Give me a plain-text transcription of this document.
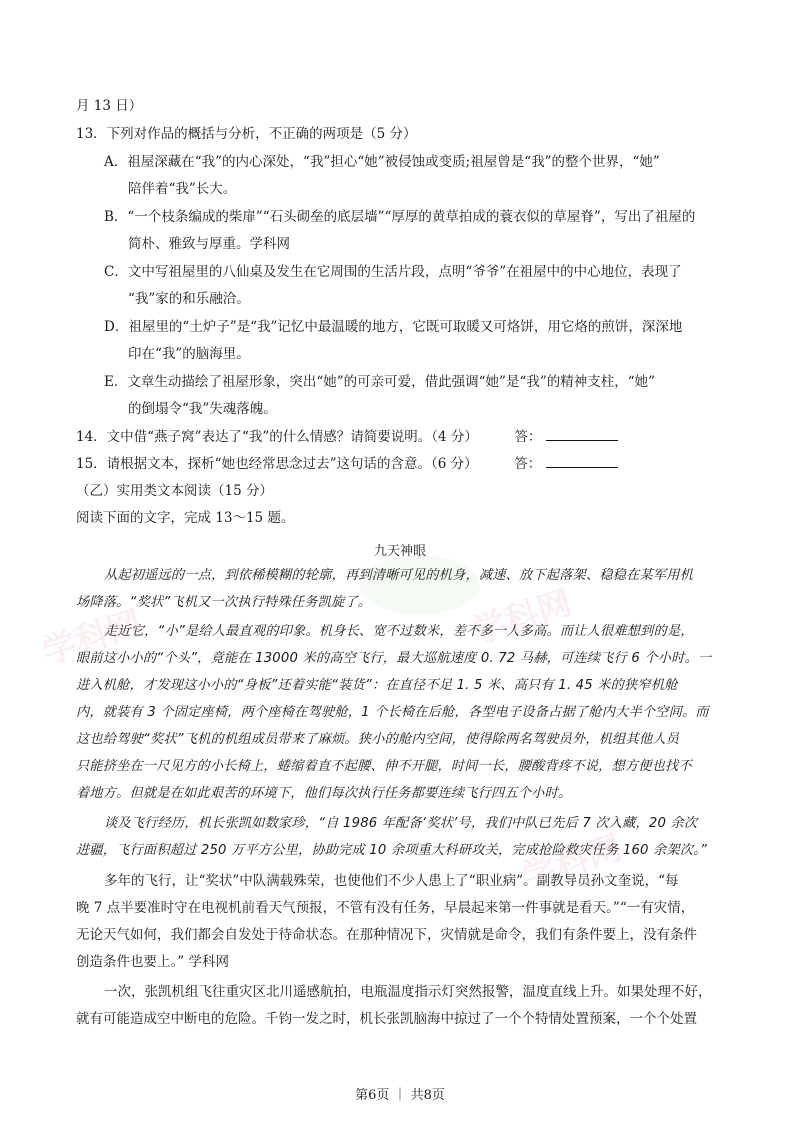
学科网
学科网
学科网
月 13 日）
13．下列对作品的概括与分析，不正确的两项是（5 分）
A．祖屋深藏在“我”的内心深处，“我”担心“她”被侵蚀或变质;祖屋曾是“我”的整个世界，“她”
陪伴着“我”长大。
B．“一个枝条编成的柴扉”“石头砌垒的底层墙”“厚厚的黄草拍成的蓑衣似的草屋脊”，写出了祖屋的
简朴、雅致与厚重。学科网
C．文中写祖屋里的八仙桌及发生在它周围的生活片段，点明“爷爷”在祖屋中的中心地位，表现了
“我”家的和乐融洽。
D．祖屋里的“土炉子”是“我”记忆中最温暖的地方，它既可取暖又可烙饼，用它烙的煎饼，深深地
印在“我”的脑海里。
E．文章生动描绘了祖屋形象，突出“她”的可亲可爱，借此强调“她”是“我”的精神支柱，“她”
的倒塌令“我”失魂落魄。
14．文中借“燕子窝”表达了“我”的什么情感？请简要说明。（4 分）	答：
15．请根据文本，探析“她也经常思念过去”这句话的含意。（6 分）	答：
（乙）实用类文本阅读（15 分）
阅读下面的文字，完成 13～15 题。
九天神眼
从起初遥远的一点，到依稀模糊的轮廓，再到清晰可见的机身，减速、放下起落架、稳稳在某军用机
场降落。“奖状”飞机又一次执行特殊任务凯旋了。
走近它，“小”是给人最直观的印象。机身长、宽不过数米，差不多一人多高。而让人很难想到的是，
眼前这小小的“个头”，竟能在 13000 米的高空飞行，最大巡航速度 0. 72 马赫，可连续飞行 6 个小时。一
进入机舱，才发现这小小的“身板”还着实能“装货”：在直径不足 1. 5 米、高只有 1. 45 米的狭窄机舱
内，就装有 3 个固定座椅，两个座椅在驾驶舱，1 个长椅在后舱，各型电子设备占据了舱内大半个空间。而
这也给驾驶“奖状”飞机的机组成员带来了麻烦。狭小的舱内空间，使得除两名驾驶员外，机组其他人员
只能挤坐在一尺见方的小长椅上，蜷缩着直不起腰、伸不开腿，时间一长，腰酸背疼不说，想方便也找不
着地方。但就是在如此艰苦的环境下，他们每次执行任务都要连续飞行四五个小时。
谈及飞行经历，机长张凯如数家珍，“自 1986 年配备‘奖状’号，我们中队已先后 7 次入藏，20 余次
进疆，飞行面积超过 250 万平方公里，协助完成 10 余项重大科研攻关，完成抢险救灾任务 160 余架次。”
多年的飞行，让“奖状”中队满载殊荣，也使他们不少人患上了“职业病”。副教导员孙文奎说，“每
晚 7 点半要准时守在电视机前看天气预报，不管有没有任务，早晨起来第一件事就是看天。”“一有灾情，
无论天气如何，我们都会自发处于待命状态。在那种情况下，灾情就是命令，我们有条件要上，没有条件
创造条件也要上。” 学科网
一次，张凯机组飞往重灾区北川遥感航拍，电瓶温度指示灯突然报警，温度直线上升。如果处理不好，
就有可能造成空中断电的危险。千钧一发之时，机长张凯脑海中掠过了一个个特情处置预案，一个个处置
第6页 ｜ 共8页
